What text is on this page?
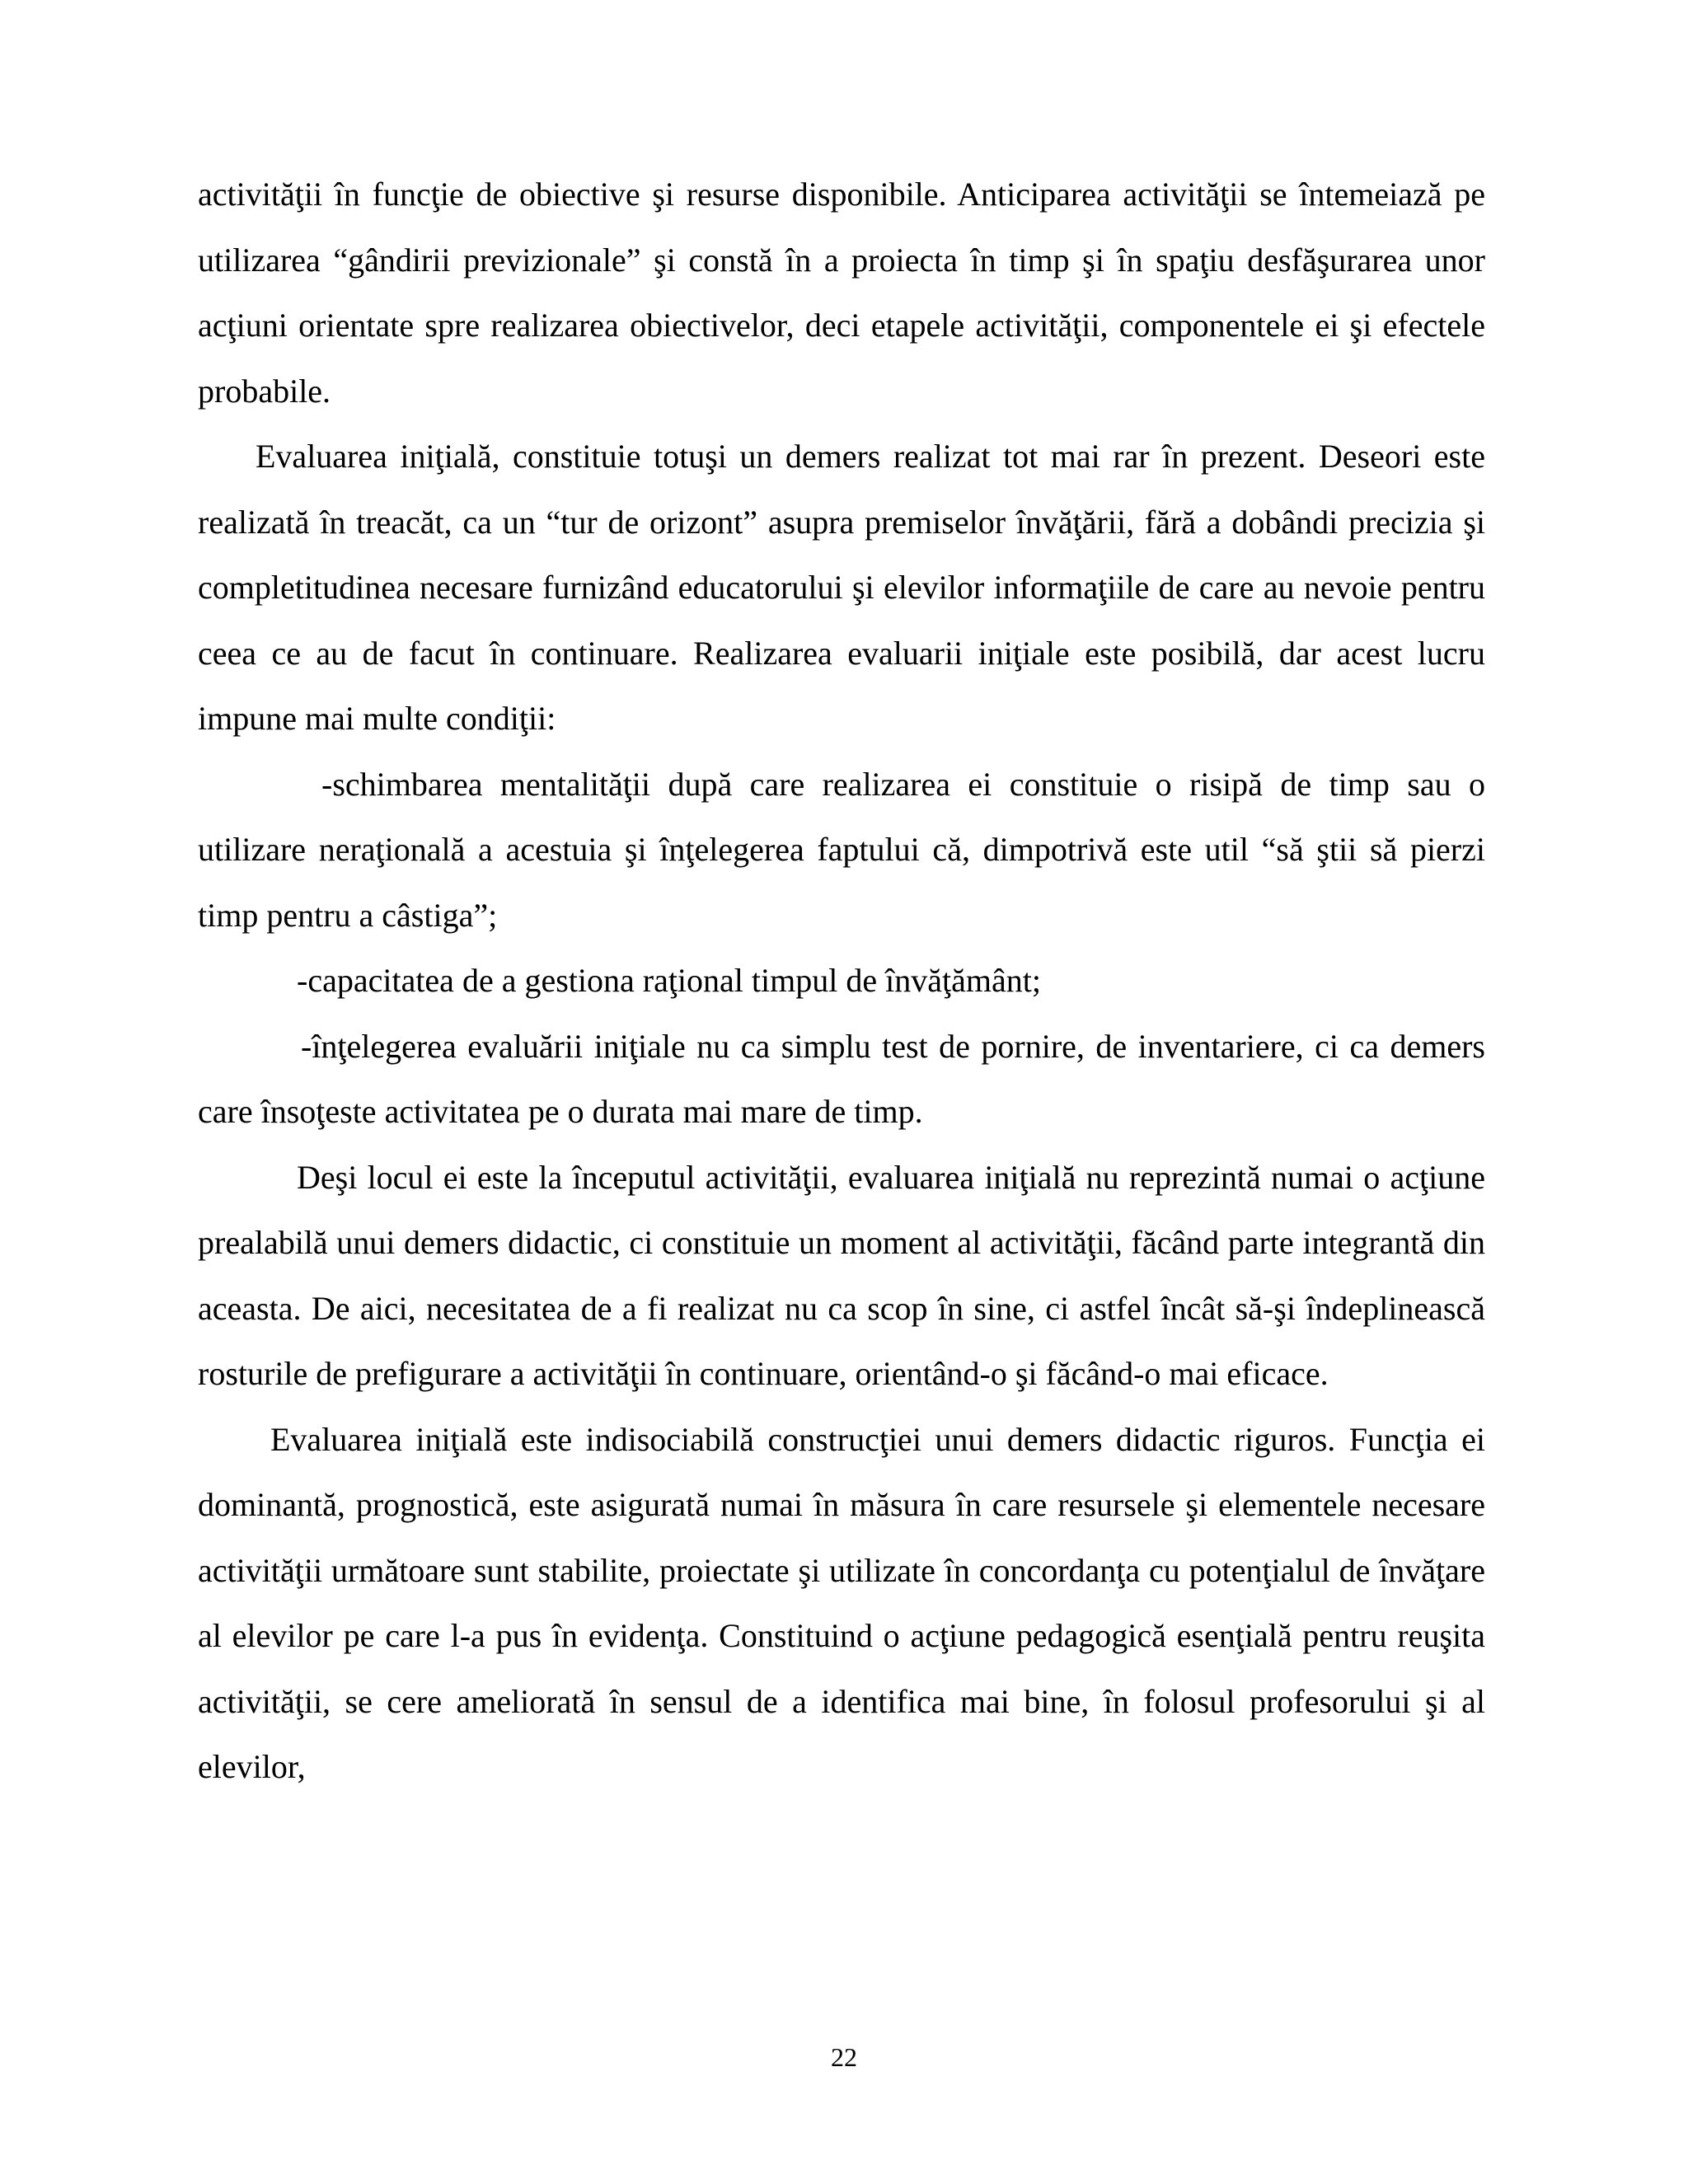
activităţii în funcţie de obiective şi resurse disponibile. Anticiparea activităţii se întemeiază pe utilizarea “gândirii previzionale” şi constă în a proiecta în timp şi în spaţiu desfăşurarea unor acţiuni orientate spre realizarea obiectivelor, deci etapele activităţii, componentele ei şi efectele probabile.

Evaluarea iniţială, constituie totuşi un demers realizat tot mai rar în prezent. Deseori este realizată în treacăt, ca un “tur de orizont” asupra premiselor învăţării, fără a dobândi precizia şi completitudinea necesare furnizând educatorului şi elevilor informaţiile de care au nevoie pentru ceea ce au de facut în continuare. Realizarea evaluarii iniţiale este posibilă, dar acest lucru impune mai multe condiţii:

-schimbarea mentalităţii după care realizarea ei constituie o risipă de timp sau o utilizare neraţională a acestuia şi înţelegerea faptului că, dimpotrivă este util “să ştii să pierzi timp pentru a câstiga”;

-capacitatea de a gestiona raţional timpul de învăţământ;

-înţelegerea evaluării iniţiale nu ca simplu test de pornire, de inventariere, ci ca demers care însoţeste activitatea pe o durata mai mare de timp.

Deşi locul ei este la începutul activităţii, evaluarea iniţială nu reprezintă numai o acţiune prealabilă unui demers didactic, ci constituie un moment al activităţii, făcând parte integrantă din aceasta. De aici, necesitatea de a fi realizat nu ca scop în sine, ci astfel încât să-şi îndeplinească rosturile de prefigurare a activităţii în continuare, orientând-o şi făcând-o mai eficace.

Evaluarea iniţială este indisociabilă construcţiei unui demers didactic riguros. Funcţia ei dominantă, prognostică, este asigurată numai în măsura în care resursele şi elementele necesare activităţii următoare sunt stabilite, proiectate şi utilizate în concordanţa cu potenţialul de învăţare al elevilor pe care l-a pus în evidenţa. Constituind o acţiune pedagogică esenţială pentru reuşita activităţii, se cere ameliorată în sensul de a identifica mai bine, în folosul profesorului şi al elevilor,

22
